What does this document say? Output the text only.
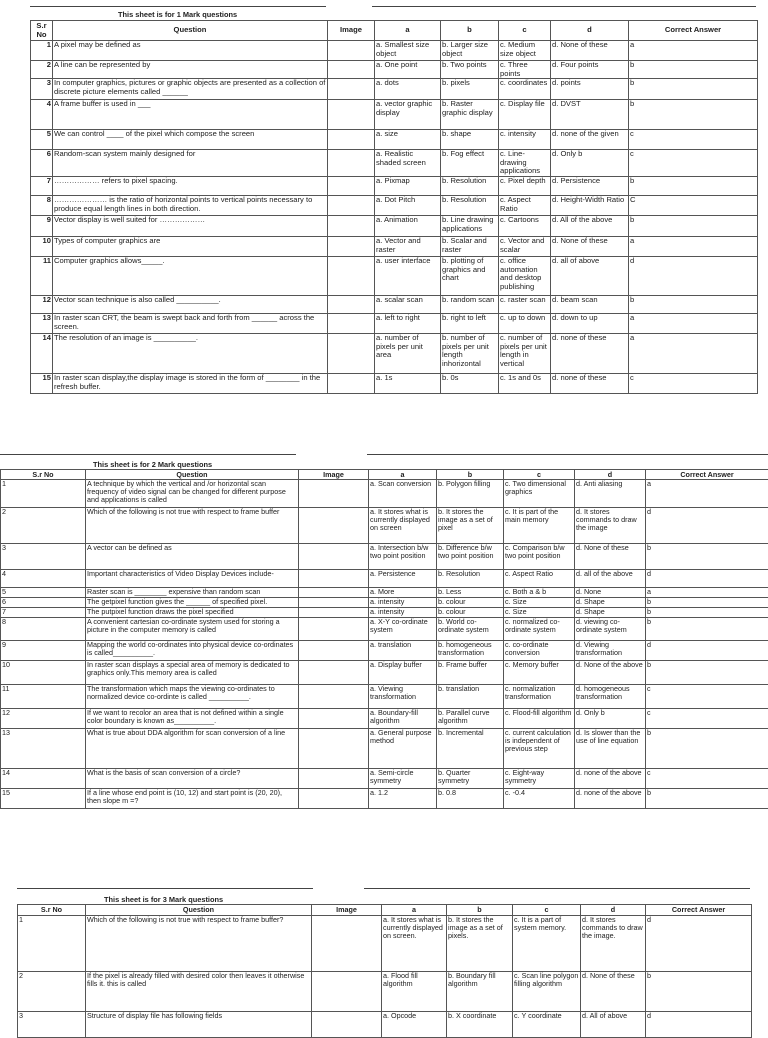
This sheet is for 1 Mark questions
S.r No	Question	Image	a	b	c	d	Correct Answer
1	A pixel may be defined as		a. Smallest size object	b. Larger size object	c. Medium size object	d. None of these	a
2	A line can be represented by		a. One point	b. Two points	c. Three points	d. Four points	b
3	In computer graphics, pictures or graphic objects are presented as a collection of discrete picture elements called ______		a. dots	b. pixels	c. coordinates	d. points	b
4	A frame buffer is used in ___		a. vector graphic display	b. Raster graphic display	c. Display file	d. DVST	b
5	We can control ____ of the pixel which compose the screen		a. size	b. shape	c. intensity	d. none of the given	c
6	Random-scan system mainly designed for		a. Realistic shaded screen	b. Fog effect	c. Line-drawing applications	d. Only b	c
7	……………… refers to pixel spacing.		a. Pixmap	b. Resolution	c. Pixel depth	d. Persistence	b
8	………………… is the ratio of horizontal points to vertical points necessary to produce equal length lines in both direction.		a. Dot Pitch	b. Resolution	c. Aspect Ratio	d. Height-Width Ratio	C
9	Vector display is well suited for ………………		a. Animation	b. Line drawing applications	c. Cartoons	d. All of the above	b
10	Types of computer graphics are		a. Vector and raster	b. Scalar and raster	c. Vector and scalar	d. None of these	a
11	Computer graphics allows_____.		a. user interface	b. plotting of graphics and chart	c. office automation and desktop publishing	d. all of above	d
12	Vector scan technique is also called __________.		a. scalar scan	b. random scan	c. raster scan	d. beam scan	b
13	In raster scan CRT, the beam is swept back and forth from ______ across the screen.		a. left to right	b. right to left	c. up to down	d. down to up	a
14	The resolution of an image is __________.		a. number of pixels per unit area	b. number of pixels per unit length inhorizontal	c. number of pixels per unit length in vertical	d. none of these	a
15	In raster scan display,the display image is stored in the form of ________ in the refresh buffer.		a. 1s	b. 0s	c. 1s and 0s	d. none of these	c
This sheet is for 2 Mark questions
S.r No	Question	Image	a	b	c	d	Correct Answer
1	A technique by which the vertical and /or horizontal scan frequency of video signal can be changed for different purpose and applications is called		a. Scan conversion	b. Polygon filling	c. Two dimensional graphics	d. Anti aliasing	a
2	Which of the following is not true with respect to frame buffer		a. It stores what is currently displayed on screen	b. It stores the image as a set of pixel	c. It is part of the main memory	d. It stores commands to draw the image	d
3	A vector can be defined as		a. Intersection b/w two point position	b. Difference b/w two point position	c. Comparison b/w two point position	d. None of these	b
4	Important characteristics of Video Display Devices include-		a. Persistence	b. Resolution	c. Aspect Ratio	d. all of the above	d
5	Raster scan is ________ expensive than random scan		a. More	b. Less	c. Both a & b	d. None	a
6	The getpixel function gives the ______ of specified pixel.		a. intensity	b. colour	c. Size	d. Shape	b
7	The putpixel function draws the pixel specified		a. intensity	b. colour	c. Size	d. Shape	b
8	A convenient cartesian co-ordinate system used for storing a picture in the computer memory is called		a. X-Y co-ordinate system	b. World co-ordinate system	c. normalized co-ordinate system	d. viewing co-ordinate system	b
9	Mapping the world co-ordinates into physical device co-ordinates is called__________.		a. translation	b. homogeneous transformation	c. co-ordinate conversion	d. Viewing transformation	d
10	In raster scan displays a special area of memory is dedicated to graphics only.This memory area is called		a. Display buffer	b. Frame buffer	c. Memory buffer	d. None of the above	b
11	The transformation which maps the viewing co-ordinates to normalized device co-ordinte is called __________.		a. Viewing transformation	b. translation	c. normalization transformation	d. homogeneous transformation	c
12	If we want to recolor an area that is not defined within a single color boundary is known as__________.		a. Boundary-fill algorithm	b. Parallel curve algorithm	c. Flood-fill algorithm	d. Only b	c
13	What is true about DDA algorithm for scan conversion of a line		a. General purpose method	b. Incremental	c. current calculation is independent of previous step	d. Is slower than the use of line equation	b
14	What is the basis of scan conversion of a circle?		a. Semi-circle symmetry	b. Quarter symmetry	c. Eight-way symmetry	d. none of the above	c
15	If a line whose end point is (10, 12) and start point is (20, 20), then slope m =?		a. 1.2	b. 0.8	c. -0.4	d. none of the above	b
This sheet is for 3 Mark questions
S.r No	Question	Image	a	b	c	d	Correct Answer
1	Which of the following is not true with respect to frame buffer?		a. It stores what is currently displayed on screen.	b. It stores the image as a set of pixels.	c. It is a part of system memory.	d. It stores commands to draw the image.	d
2	If the pixel is already filled with desired color then leaves it otherwise fills it. this is called		a. Flood fill algorithm	b. Boundary fill algorithm	c. Scan line polygon filling algorithm	d. None of these	b
3	Structure of display file has following fields		a. Opcode	b. X coordinate	c. Y coordinate	d. All of above	d
